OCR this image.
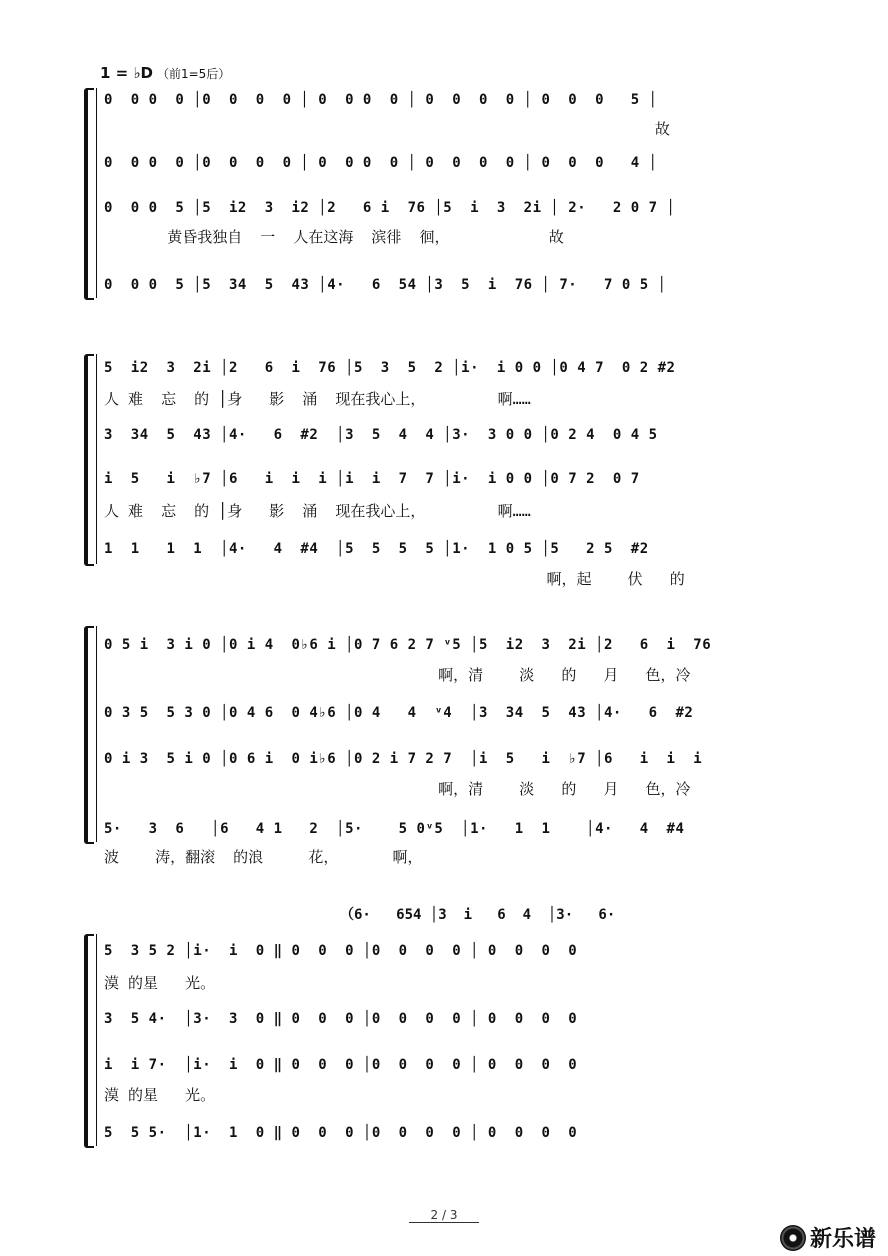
1 = ♭D （前1=5后）
0  0 0  0 │0  0  0  0 │ 0  0 0  0 │ 0  0  0  0 │ 0  0  0   5 │
故
0  0 0  0 │0  0  0  0 │ 0  0 0  0 │ 0  0  0  0 │ 0  0  0   4 │
0  0 0  5 │5  i2  3  i2 │2   6 i  76 │5  i  3  2i │ 2·   2 0 7 │
黄昏我独自  一  人在这海  滨徘  徊，           故
0  0 0  5 │5  34  5  43 │4·   6  54 │3  5  i  76 │ 7·   7 0 5 │
5  i2  3  2i │2   6  i  76 │5  3  5  2 │i·  i 0 0 │0 4 7  0 2 #2
人 难  忘  的 │身   影  涌  现在我心上，        啊……
3  34  5  43 │4·   6  #2  │3  5  4  4 │3·  3 0 0 │0 2 4  0 4 5
i  5   i  ♭7 │6   i  i  i │i  i  7  7 │i·  i 0 0 │0 7 2  0 7
人 难  忘  的 │身   影  涌  现在我心上，        啊……
1  1   1  1  │4·   4  #4  │5  5  5  5 │1·  1 0 5 │5   2 5  #2
啊，起    伏   的
0 5 i  3 i 0 │0 i 4  0♭6 i │0 7 6 2 7 ᵛ5 │5  i2  3  2i │2   6  i  76
啊，清    淡   的   月   色，冷
0 3 5  5 3 0 │0 4 6  0 4♭6 │0 4   4  ᵛ4  │3  34  5  43 │4·   6  #2
0 i 3  5 i 0 │0 6 i  0 i♭6 │0 2 i 7 2 7  │i  5   i  ♭7 │6   i  i  i
啊，清    淡   的   月   色，冷
5·   3  6   │6   4 1   2  │5·    5 0ᵛ5  │1·   1  1    │4·   4  #4
波    涛，翻滚  的浪     花，      啊，
（6·   654 │3  i   6  4  │3·   6·
5  3 5 2 │i·  i  0 ‖ 0  0  0 │0  0  0  0 │ 0  0  0  0
漠 的星   光。
3  5 4·  │3·  3  0 ‖ 0  0  0 │0  0  0  0 │ 0  0  0  0
i  i 7·  │i·  i  0 ‖ 0  0  0 │0  0  0  0 │ 0  0  0  0
漠 的星   光。
5  5 5·  │1·  1  0 ‖ 0  0  0 │0  0  0  0 │ 0  0  0  0
2 / 3
新乐谱
